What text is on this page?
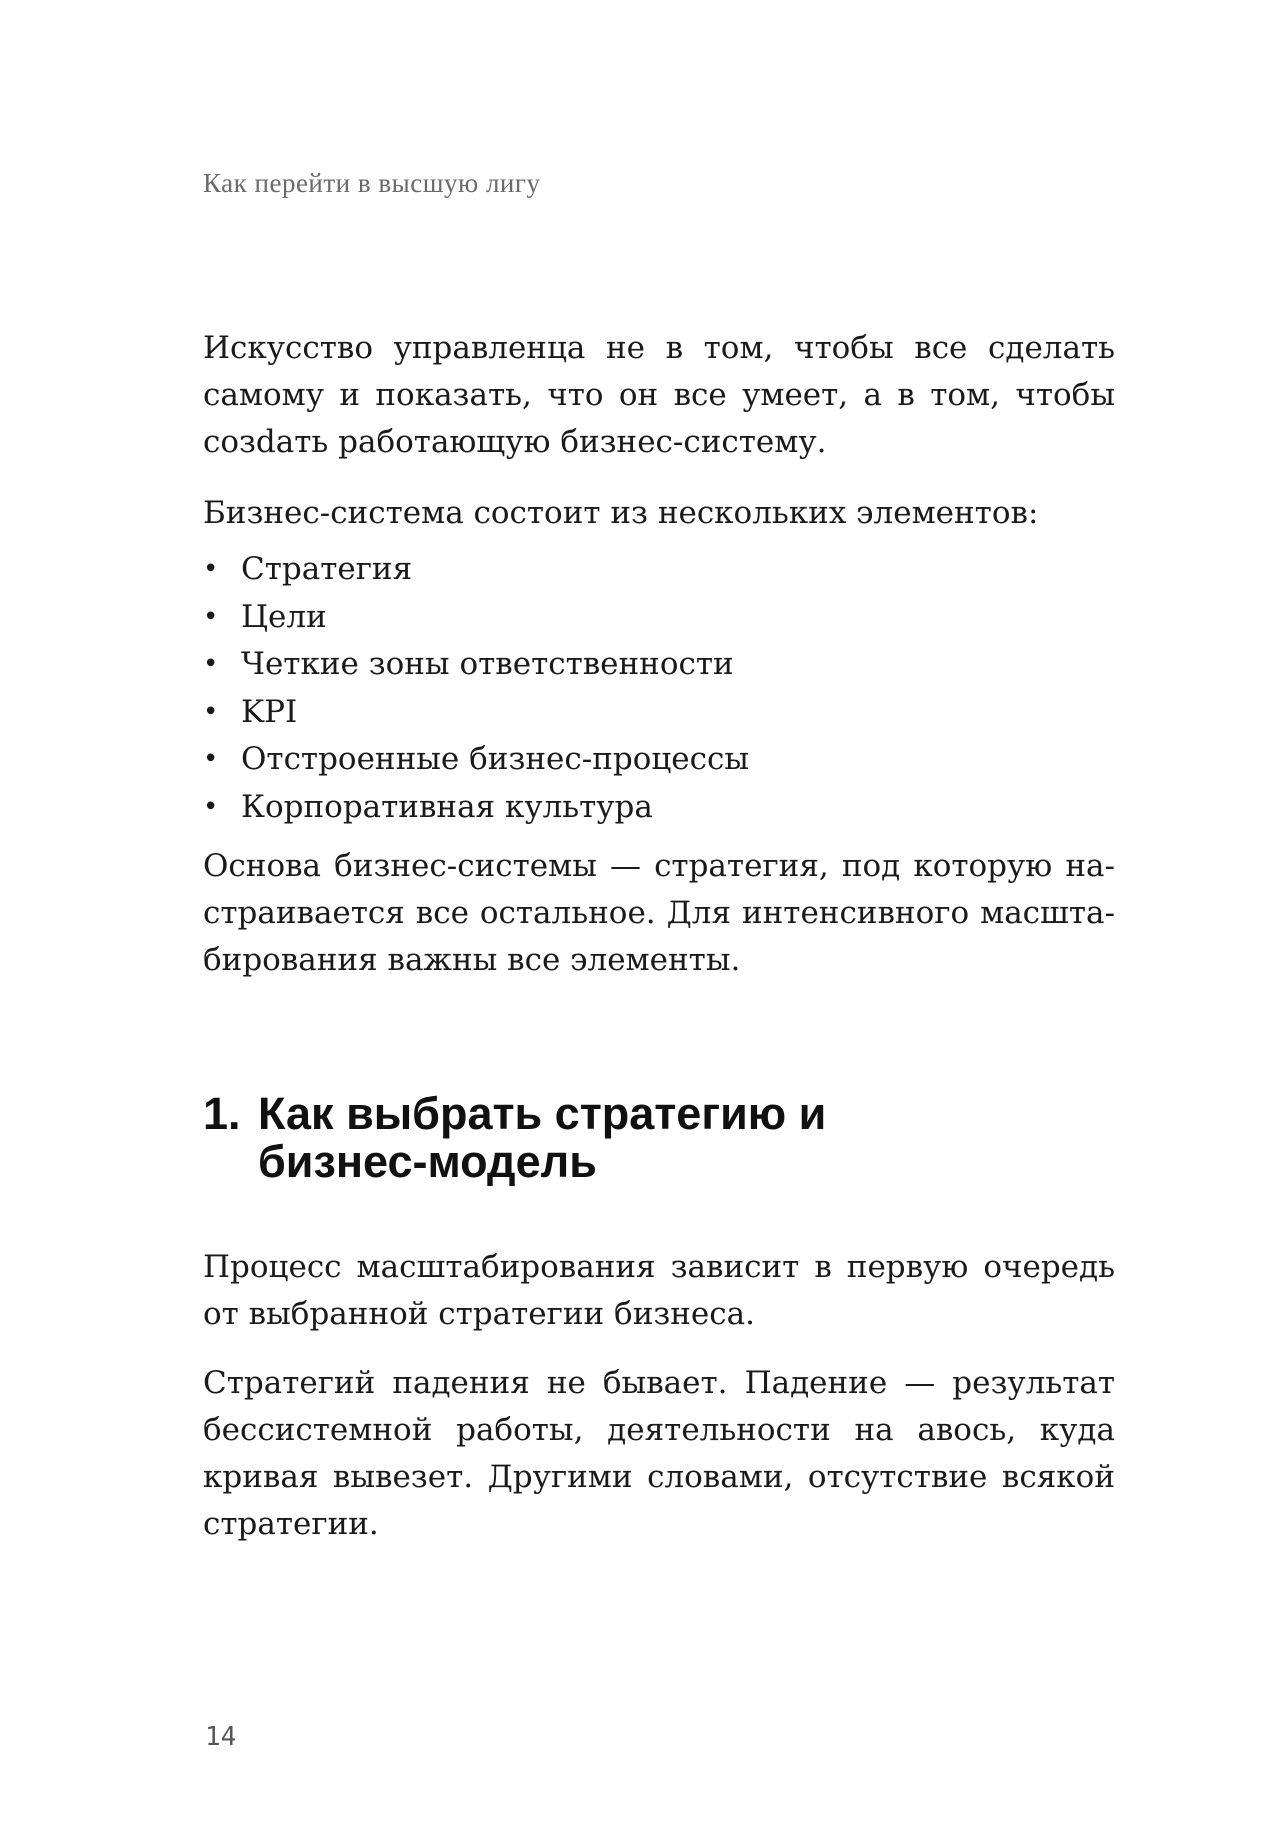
Как перейти в высшую лигу

Искусство управленца не в том, чтобы все сделать самому и показать, что он все умеет, а в том, чтобы созdать работающую бизнес-систему.

Бизнес-система состоит из нескольких элементов:

• Стратегия
• Цели
• Четкие зоны ответственности
• KPI
• Отстроенные бизнес-процессы
• Корпоративная культура

Основа бизнес-системы — стратегия, под которую настраивается все остальное. Для интенсивного масштабирования важны все элементы.

1. Как выбрать стратегию и бизнес-модель

Процесс масштабирования зависит в первую очередь от выбранной стратегии бизнеса.

Стратегий падения не бывает. Падение — результат бессистемной работы, деятельности на авось, куда кривая вывезет. Другими словами, отсутствие всякой стратегии.

14
